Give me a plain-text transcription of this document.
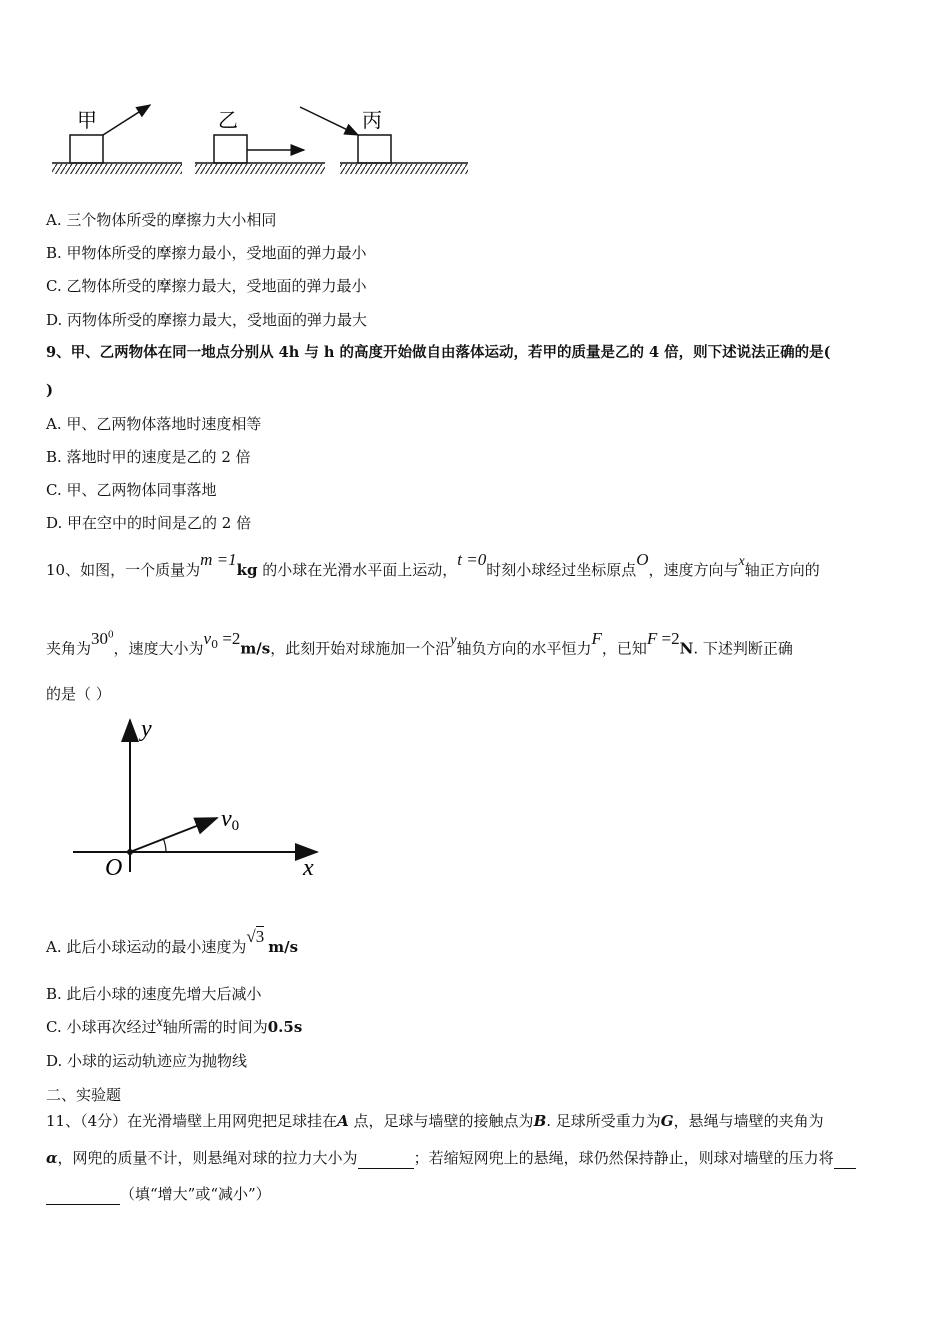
甲	乙	丙
A. 三个物体所受的摩擦力大小相同
B. 甲物体所受的摩擦力最小，受地面的弹力最小
C. 乙物体所受的摩擦力最大，受地面的弹力最小
D. 丙物体所受的摩擦力最大，受地面的弹力最大
9、甲、乙两物体在同一地点分别从 4h 与 h 的高度开始做自由落体运动，若甲的质量是乙的 4 倍，则下述说法正确的是(
)
A. 甲、乙两物体落地时速度相等
B. 落地时甲的速度是乙的 2 倍
C. 甲、乙两物体同事落地
D. 甲在空中的时间是乙的 2 倍
10、如图，一个质量为m =1kg 的小球在光滑水平面上运动，t =0时刻小球经过坐标原点O，速度方向与x轴正方向的
夹角为$30^0$，速度大小为$v_0 =2m/s$，此刻开始对球施加一个沿y轴负方向的水平恒力F，已知F =2N. 下述判断正确
的是（ ）
y
x
O
v0
A. 此后小球运动的最小速度为√3m/s
B. 此后小球的速度先增大后减小
C. 小球再次经过x轴所需的时间为0.5s
D. 小球的运动轨迹应为抛物线
二、实验题
11、（4分）在光滑墙壁上用网兜把足球挂在A 点，足球与墙壁的接触点为B. 足球所受重力为G，悬绳与墙壁的夹角为
α，网兜的质量不计，则悬绳对球的拉力大小为	；若缩短网兜上的悬绳，球仍然保持静止，则球对墙壁的压力将
（填“增大”或“减小”）
